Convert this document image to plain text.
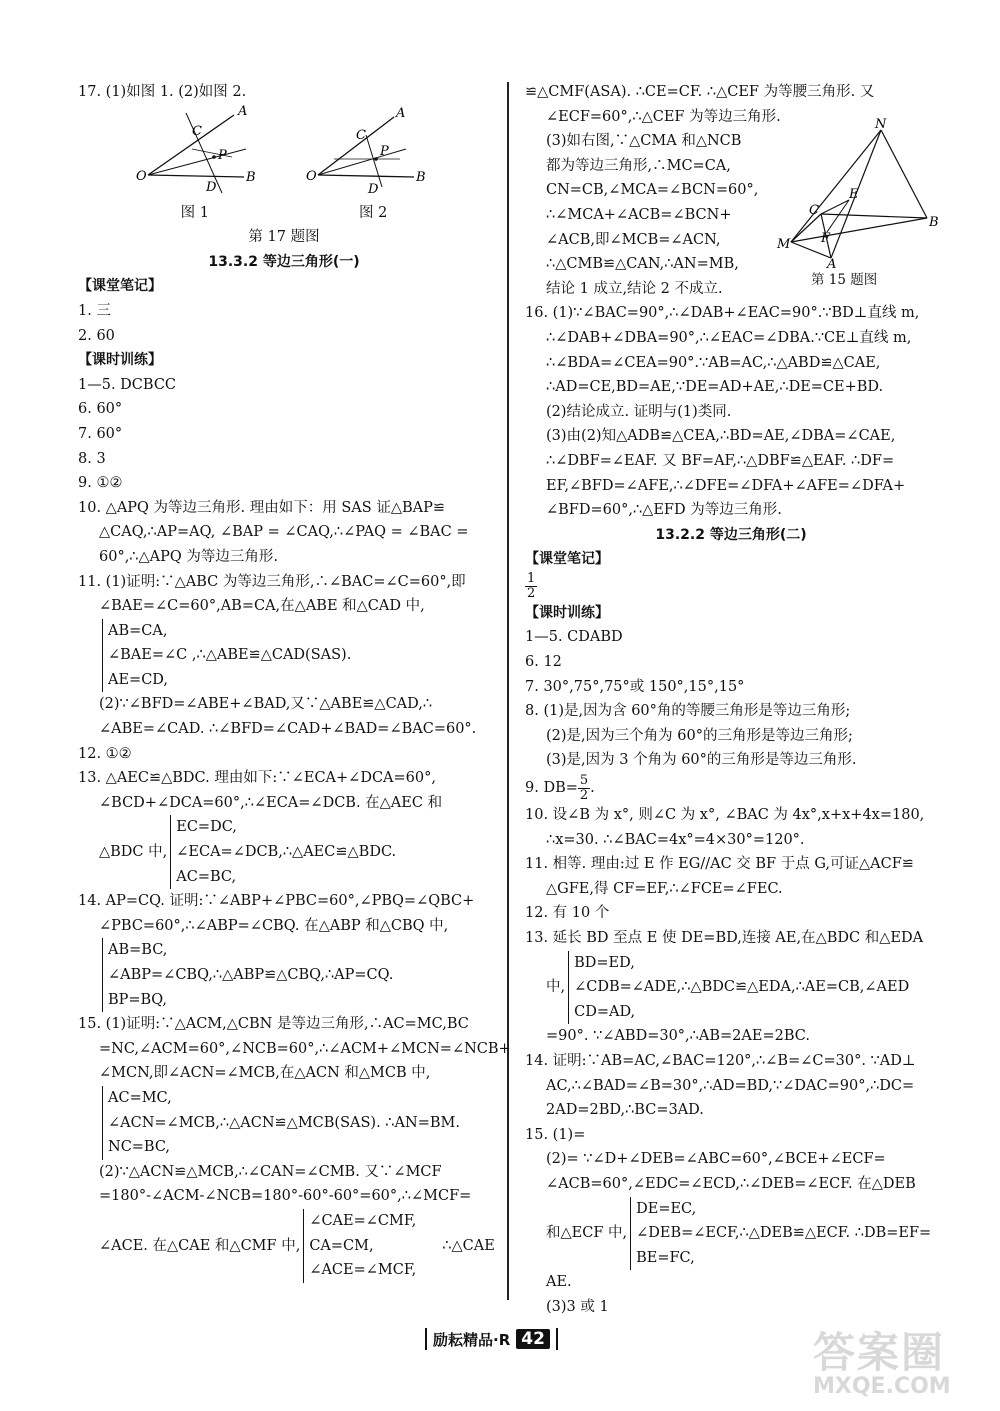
17. (1)如图 1. (2)如图 2.
O
A
B
C
D
P
O
A
B
C
D
P
图 1	图 2
第 17 题图
13.3.2 等边三角形(一)
【课堂笔记】
1. 三
2. 60
【课时训练】
1—5. DCBCC
6. 60°
7. 60°
8. 3
9. ①②
10. △APQ 为等边三角形. 理由如下：用 SAS 证△BAP≌
△CAQ,∴AP=AQ, ∠BAP = ∠CAQ,∴∠PAQ = ∠BAC =
60°,∴△APQ 为等边三角形.
11. (1)证明:∵△ABC 为等边三角形,∴∠BAC=∠C=60°,即
∠BAE=∠C=60°,AB=CA,在△ABE 和△CAD 中,
AB=CA,
∠BAE=∠C ,∴△ABE≌△CAD(SAS).
AE=CD,
(2)∵∠BFD=∠ABE+∠BAD,又∵△ABE≌△CAD,∴
∠ABE=∠CAD. ∴∠BFD=∠CAD+∠BAD=∠BAC=60°.
12. ①②
13. △AEC≌△BDC. 理由如下:∵∠ECA+∠DCA=60°,
∠BCD+∠DCA=60°,∴∠ECA=∠DCB. 在△AEC 和
△BDC 中,
EC=DC,
∠ECA=∠DCB,∴△AEC≌△BDC.
AC=BC,
14. AP=CQ. 证明:∵∠ABP+∠PBC=60°,∠PBQ=∠QBC+
∠PBC=60°,∴∠ABP=∠CBQ. 在△ABP 和△CBQ 中,
AB=BC,
∠ABP=∠CBQ,∴△ABP≌△CBQ,∴AP=CQ.
BP=BQ,
15. (1)证明:∵△ACM,△CBN 是等边三角形,∴AC=MC,BC
=NC,∠ACM=60°,∠NCB=60°,∴∠ACM+∠MCN=∠NCB+
∠MCN,即∠ACN=∠MCB,在△ACN 和△MCB 中,
AC=MC,
∠ACN=∠MCB,∴△ACN≌△MCB(SAS). ∴AN=BM.
NC=BC,
(2)∵△ACN≌△MCB,∴∠CAN=∠CMB. 又∵∠MCF
=180°-∠ACM-∠NCB=180°-60°-60°=60°,∴∠MCF=
∠ACE. 在△CAE 和△CMF 中,
∠CAE=∠CMF,
CA=CM,
∠ACE=∠MCF,
∴△CAE
N
B
C
E
M F
A
第 15 题图
≌△CMF(ASA). ∴CE=CF. ∴△CEF 为等腰三角形. 又
∠ECF=60°,∴△CEF 为等边三角形.
(3)如右图,∵△CMA 和△NCB
都为等边三角形,∴MC=CA,
CN=CB,∠MCA=∠BCN=60°,
∴∠MCA+∠ACB=∠BCN+
∠ACB,即∠MCB=∠ACN,
∴△CMB≌△CAN,∴AN=MB,
结论 1 成立,结论 2 不成立.
16. (1)∵∠BAC=90°,∴∠DAB+∠EAC=90°.∵BD⊥直线 m,
∴∠DAB+∠DBA=90°,∴∠EAC=∠DBA.∵CE⊥直线 m,
∴∠BDA=∠CEA=90°.∵AB=AC,∴△ABD≌△CAE,
∴AD=CE,BD=AE,∵DE=AD+AE,∴DE=CE+BD.
(2)结论成立. 证明与(1)类同.
(3)由(2)知△ADB≌△CEA,∴BD=AE,∠DBA=∠CAE,
∴∠DBF=∠EAF. 又 BF=AF,∴△DBF≌△EAF. ∴DF=
EF,∠BFD=∠AFE,∴∠DFE=∠DFA+∠AFE=∠DFA+
∠BFD=60°,∴△EFD 为等边三角形.
13.2.2 等边三角形(二)
【课堂笔记】
$\frac{1}{2}$
【课时训练】
1—5. CDABD
6. 12
7. 30°,75°,75°或 150°,15°,15°
8. (1)是,因为含 60°角的等腰三角形是等边三角形;
(2)是,因为三个角为 60°的三角形是等边三角形;
(3)是,因为 3 个角为 60°的三角形是等边三角形.
9. $DB= \frac{5}{2}$ .
10. 设∠B 为 x°, 则∠C 为 x°, ∠BAC 为 4x°,x+x+4x=180,
∴x=30. ∴∠BAC=4x°=4×30°=120°.
11. 相等. 理由:过 E 作 EG//AC 交 BF 于点 G,可证△ACF≌
△GFE,得 CF=EF,∴∠FCE=∠FEC.
12. 有 10 个
13. 延长 BD 至点 E 使 DE=BD,连接 AE,在△BDC 和△EDA
中,
BD=ED,
∠CDB=∠ADE,∴△BDC≌△EDA,∴AE=CB,∠AED
CD=AD,
=90°. ∵∠ABD=30°,∴AB=2AE=2BC.
14. 证明:∵AB=AC,∠BAC=120°,∴∠B=∠C=30°. ∵AD⊥
AC,∴∠BAD=∠B=30°,∴AD=BD,∵∠DAC=90°,∴DC=
2AD=2BD,∴BC=3AD.
15. (1)=
(2)= ∵∠D+∠DEB=∠ABC=60°,∠BCE+∠ECF=
∠ACB=60°,∠EDC=∠ECD,∴∠DEB=∠ECF. 在△DEB
和△ECF 中,
DE=EC,
∠DEB=∠ECF,∴△DEB≌△ECF. ∴DB=EF=
BE=FC,
AE.
(3)3 或 1
励耘精品·R 42	答案圈
MXQE.COM
